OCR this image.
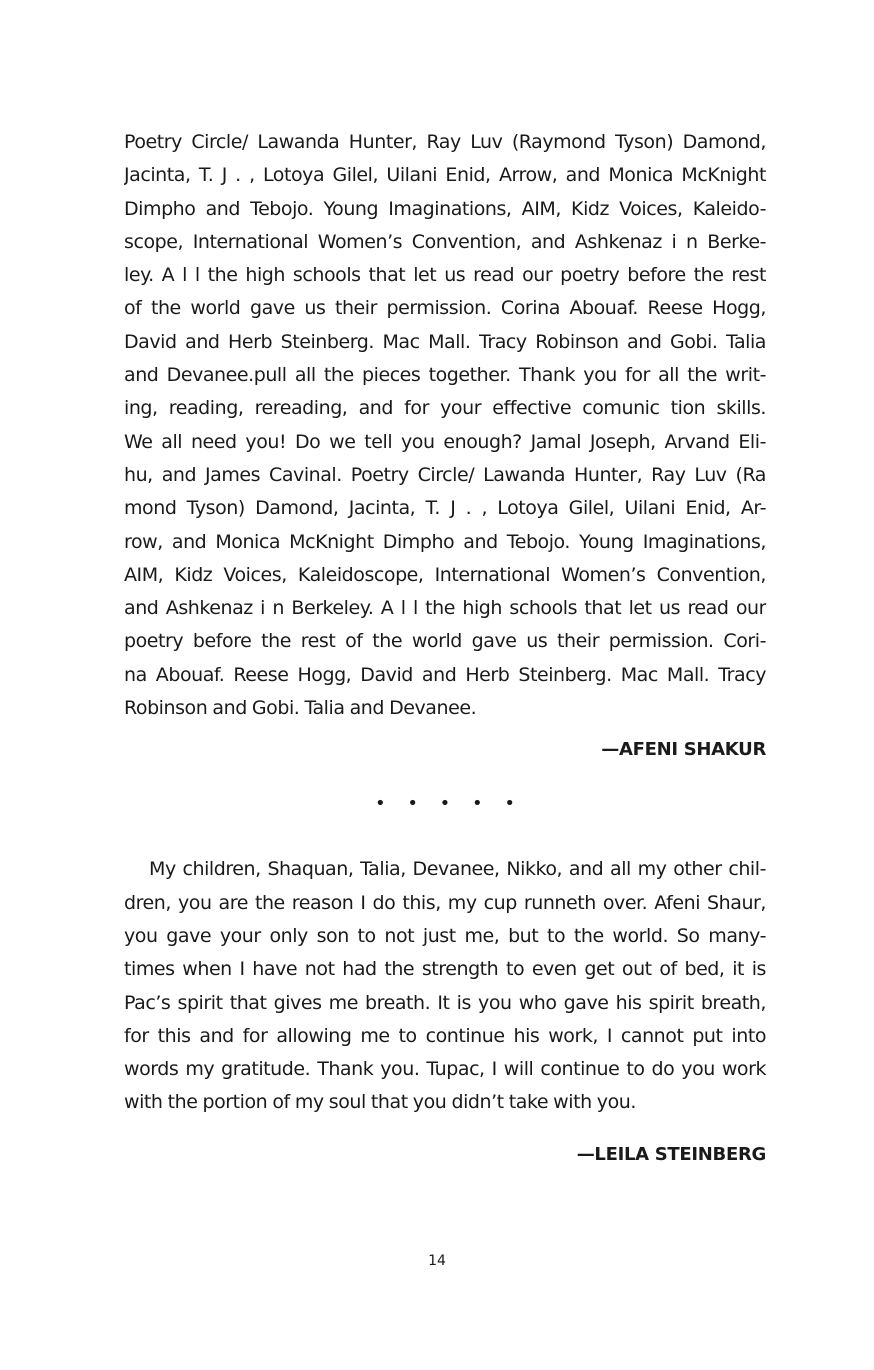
Poetry Circle/ Lawanda Hunter, Ray Luv (Raymond Tyson) Damond,
Jacinta, T. J . , Lotoya Gilel, Uilani Enid, Arrow, and Monica McKnight
Dimpho and Tebojo. Young Imaginations, AIM, Kidz Voices, Kaleido-
scope, International Women’s Convention, and Ashkenaz i n Berke-
ley. A l l the high schools that let us read our poetry before the rest
of the world gave us their permission. Corina Abouaf. Reese Hogg,
David and Herb Steinberg. Mac Mall. Tracy Robinson and Gobi. Talia
and Devanee.pull all the pieces together. Thank you for all the writ-
ing, reading, rereading, and for your effective comunic tion skills.
We all need you! Do we tell you enough? Jamal Joseph, Arvand Eli-
hu, and James Cavinal. Poetry Circle/ Lawanda Hunter, Ray Luv (Ra
mond Tyson) Damond, Jacinta, T. J . , Lotoya Gilel, Uilani Enid, Ar-
row, and Monica McKnight Dimpho and Tebojo. Young Imaginations,
AIM, Kidz Voices, Kaleidoscope, International Women’s Convention,
and Ashkenaz i n Berkeley. A l l the high schools that let us read our
poetry before the rest of the world gave us their permission. Cori-
na Abouaf. Reese Hogg, David and Herb Steinberg. Mac Mall. Tracy
Robinson and Gobi. Talia and Devanee.
—AFENI SHAKUR
• • • • •
My children, Shaquan, Talia, Devanee, Nikko, and all my other chil-
dren, you are the reason I do this, my cup runneth over. Afeni Shaur,
you gave your only son to not just me, but to the world. So many-
times when I have not had the strength to even get out of bed, it is
Pac’s spirit that gives me breath. It is you who gave his spirit breath,
for this and for allowing me to continue his work, I cannot put into
words my gratitude. Thank you. Tupac, I will continue to do you work
with the portion of my soul that you didn’t take with you.
—LEILA STEINBERG
14
